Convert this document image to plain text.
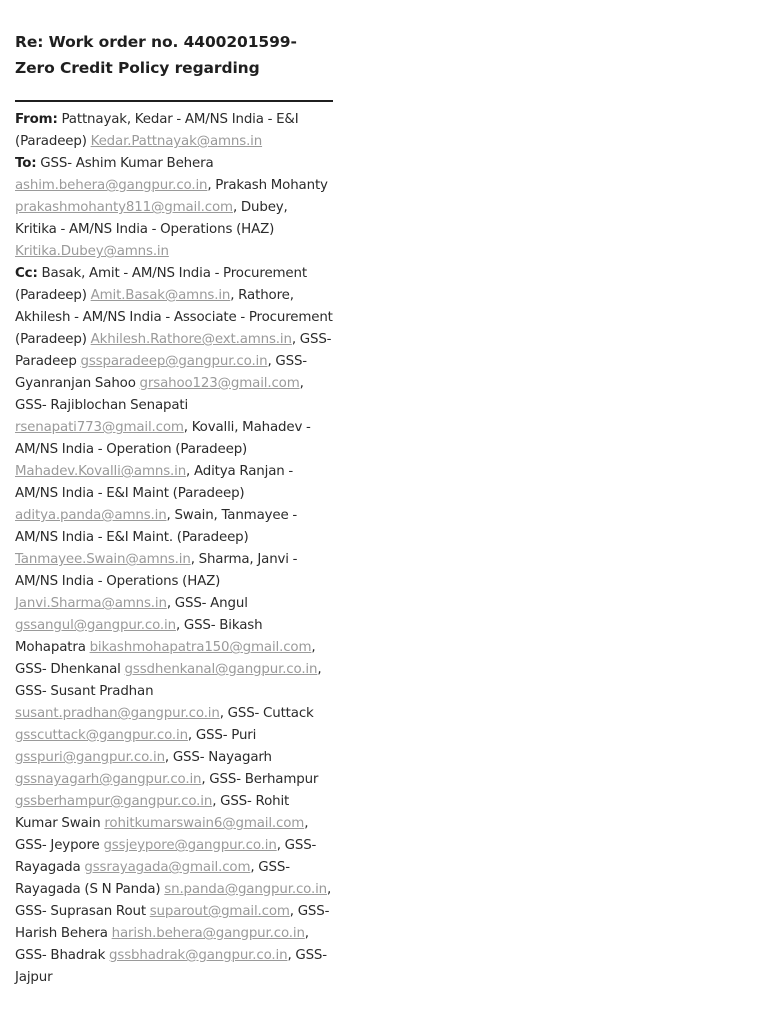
Re: Work order no. 4400201599- Zero Credit Policy regarding

From: Pattnayak, Kedar - AM/NS India - E&I (Paradeep) Kedar.Pattnayak@amns.in

To: GSS- Ashim Kumar Behera ashim.behera@gangpur.co.in, Prakash Mohanty prakashmohanty811@gmail.com, Dubey, Kritika - AM/NS India - Operations (HAZ) Kritika.Dubey@amns.in

Cc: Basak, Amit - AM/NS India - Procurement (Paradeep) Amit.Basak@amns.in, Rathore, Akhilesh - AM/NS India - Associate - Procurement (Paradeep) Akhilesh.Rathore@ext.amns.in, GSS- Paradeep gssparadeep@gangpur.co.in, GSS- Gyanranjan Sahoo grsahoo123@gmail.com, GSS- Rajiblochan Senapati rsenapati773@gmail.com, Kovalli, Mahadev - AM/NS India - Operation (Paradeep) Mahadev.Kovalli@amns.in, Aditya Ranjan - AM/NS India - E&I Maint (Paradeep) aditya.panda@amns.in, Swain, Tanmayee - AM/NS India - E&I Maint. (Paradeep) Tanmayee.Swain@amns.in, Sharma, Janvi - AM/NS India - Operations (HAZ) Janvi.Sharma@amns.in, GSS- Angul gssangul@gangpur.co.in, GSS- Bikash Mohapatra bikashmohapatra150@gmail.com, GSS- Dhenkanal gssdhenkanal@gangpur.co.in, GSS- Susant Pradhan susant.pradhan@gangpur.co.in, GSS- Cuttack gsscuttack@gangpur.co.in, GSS- Puri gsspuri@gangpur.co.in, GSS- Nayagarh gssnayagarh@gangpur.co.in, GSS- Berhampur gssberhampur@gangpur.co.in, GSS- Rohit Kumar Swain rohitkumarswain6@gmail.com, GSS- Jeypore gssjeypore@gangpur.co.in, GSS- Rayagada gssrayagada@gmail.com, GSS- Rayagada (S N Panda) sn.panda@gangpur.co.in, GSS- Suprasan Rout suparout@gmail.com, GSS- Harish Behera harish.behera@gangpur.co.in, GSS- Bhadrak gssbhadrak@gangpur.co.in, GSS- Jajpur
